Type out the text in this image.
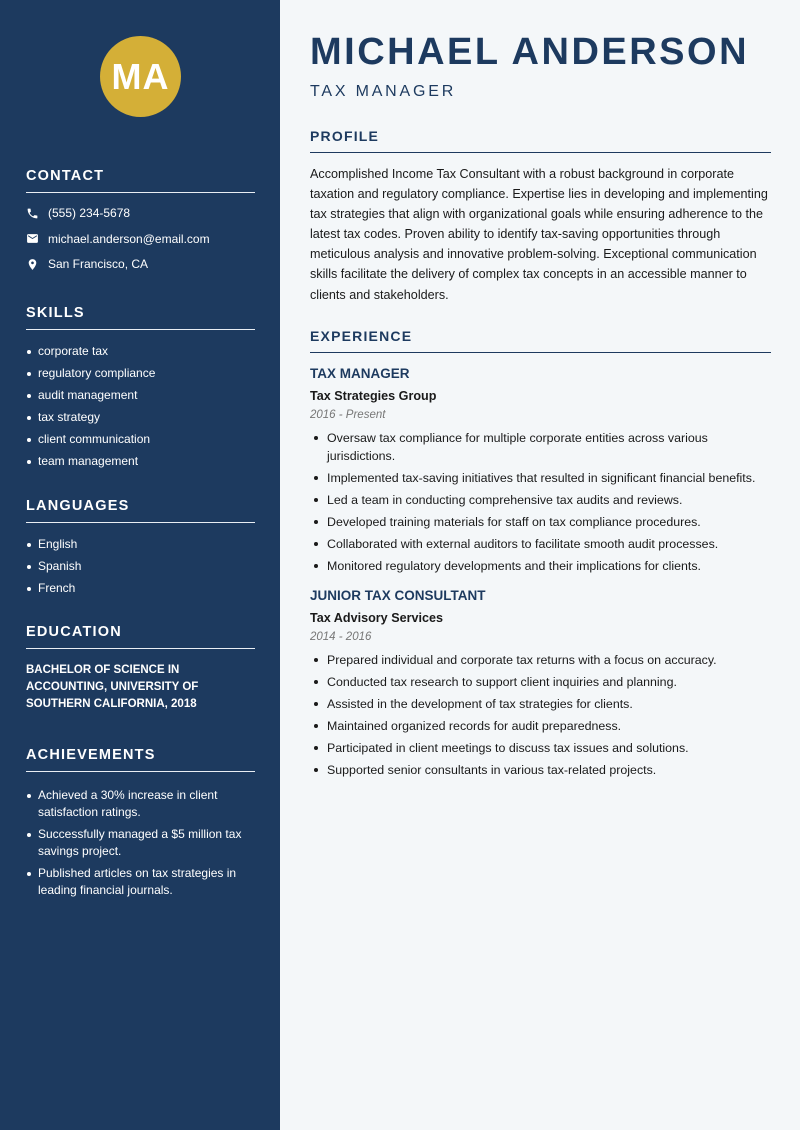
MA
CONTACT
(555) 234-5678
michael.anderson@email.com
San Francisco, CA
SKILLS
corporate tax
regulatory compliance
audit management
tax strategy
client communication
team management
LANGUAGES
English
Spanish
French
EDUCATION
BACHELOR OF SCIENCE IN ACCOUNTING, UNIVERSITY OF SOUTHERN CALIFORNIA, 2018
ACHIEVEMENTS
Achieved a 30% increase in client satisfaction ratings.
Successfully managed a $5 million tax savings project.
Published articles on tax strategies in leading financial journals.
MICHAEL ANDERSON
TAX MANAGER
PROFILE
Accomplished Income Tax Consultant with a robust background in corporate taxation and regulatory compliance. Expertise lies in developing and implementing tax strategies that align with organizational goals while ensuring adherence to the latest tax codes. Proven ability to identify tax-saving opportunities through meticulous analysis and innovative problem-solving. Exceptional communication skills facilitate the delivery of complex tax concepts in an accessible manner to clients and stakeholders.
EXPERIENCE
TAX MANAGER
Tax Strategies Group
2016 - Present
Oversaw tax compliance for multiple corporate entities across various jurisdictions.
Implemented tax-saving initiatives that resulted in significant financial benefits.
Led a team in conducting comprehensive tax audits and reviews.
Developed training materials for staff on tax compliance procedures.
Collaborated with external auditors to facilitate smooth audit processes.
Monitored regulatory developments and their implications for clients.
JUNIOR TAX CONSULTANT
Tax Advisory Services
2014 - 2016
Prepared individual and corporate tax returns with a focus on accuracy.
Conducted tax research to support client inquiries and planning.
Assisted in the development of tax strategies for clients.
Maintained organized records for audit preparedness.
Participated in client meetings to discuss tax issues and solutions.
Supported senior consultants in various tax-related projects.
